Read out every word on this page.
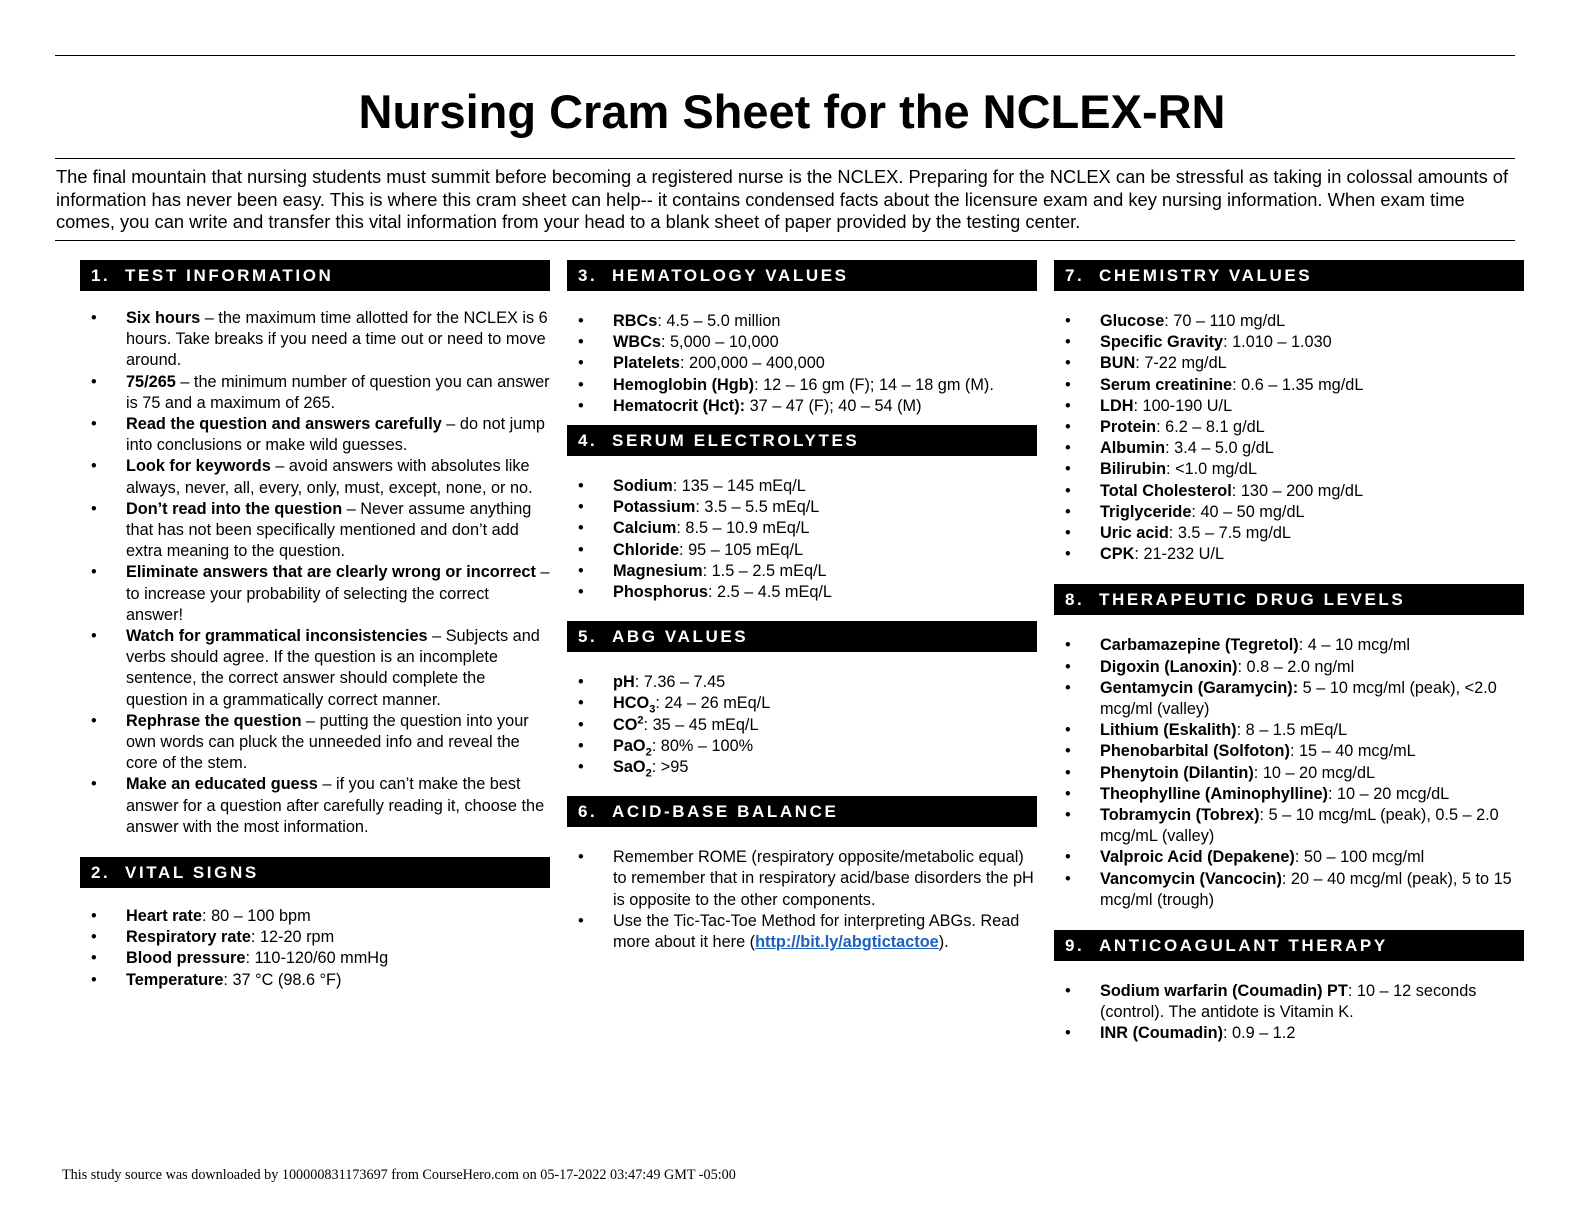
Nursing Cram Sheet for the NCLEX-RN

The final mountain that nursing students must summit before becoming a registered nurse is the NCLEX. Preparing for the NCLEX can be stressful as taking in colossal amounts of information has never been easy. This is where this cram sheet can help-- it contains condensed facts about the licensure exam and key nursing information. When exam time comes, you can write and transfer this vital information from your head to a blank sheet of paper provided by the testing center.

1. TEST INFORMATION
• Six hours – the maximum time allotted for the NCLEX is 6 hours. Take breaks if you need a time out or need to move around.
• 75/265 – the minimum number of question you can answer is 75 and a maximum of 265.
• Read the question and answers carefully – do not jump into conclusions or make wild guesses.
• Look for keywords – avoid answers with absolutes like always, never, all, every, only, must, except, none, or no.
• Don’t read into the question – Never assume anything that has not been specifically mentioned and don’t add extra meaning to the question.
• Eliminate answers that are clearly wrong or incorrect – to increase your probability of selecting the correct answer!
• Watch for grammatical inconsistencies – Subjects and verbs should agree. If the question is an incomplete sentence, the correct answer should complete the question in a grammatically correct manner.
• Rephrase the question – putting the question into your own words can pluck the unneeded info and reveal the core of the stem.
• Make an educated guess – if you can’t make the best answer for a question after carefully reading it, choose the answer with the most information.
2. VITAL SIGNS
• Heart rate: 80 – 100 bpm
• Respiratory rate: 12-20 rpm
• Blood pressure: 110-120/60 mmHg
• Temperature: 37 °C (98.6 °F)
3. HEMATOLOGY VALUES
• RBCs: 4.5 – 5.0 million
• WBCs: 5,000 – 10,000
• Platelets: 200,000 – 400,000
• Hemoglobin (Hgb): 12 – 16 gm (F); 14 – 18 gm (M).
• Hematocrit (Hct): 37 – 47 (F); 40 – 54 (M)
4. SERUM ELECTROLYTES
• Sodium: 135 – 145 mEq/L
• Potassium: 3.5 – 5.5 mEq/L
• Calcium: 8.5 – 10.9 mEq/L
• Chloride: 95 – 105 mEq/L
• Magnesium: 1.5 – 2.5 mEq/L
• Phosphorus: 2.5 – 4.5 mEq/L
5. ABG VALUES
• pH: 7.36 – 7.45
• $HCO_3$: 24 – 26 mEq/L
• $CO^2$: 35 – 45 mEq/L
• PaO$_2$: 80% – 100%
• SaO$_2$: >95
6. ACID-BASE BALANCE
• Remember ROME (respiratory opposite/metabolic equal) to remember that in respiratory acid/base disorders the pH is opposite to the other components.
• Use the Tic-Tac-Toe Method for interpreting ABGs. Read more about it here (http://bit.ly/abgtictactoe).
7. CHEMISTRY VALUES
• Glucose: 70 – 110 mg/dL
• Specific Gravity: 1.010 – 1.030
• BUN: 7-22 mg/dL
• Serum creatinine: 0.6 – 1.35 mg/dL
• LDH: 100-190 U/L
• Protein: 6.2 – 8.1 g/dL
• Albumin: 3.4 – 5.0 g/dL
• Bilirubin: <1.0 mg/dL
• Total Cholesterol: 130 – 200 mg/dL
• Triglyceride: 40 – 50 mg/dL
• Uric acid: 3.5 – 7.5 mg/dL
• CPK: 21-232 U/L
8. THERAPEUTIC DRUG LEVELS
• Carbamazepine (Tegretol): 4 – 10 mcg/ml
• Digoxin (Lanoxin): 0.8 – 2.0 ng/ml
• Gentamycin (Garamycin): 5 – 10 mcg/ml (peak), <2.0 mcg/ml (valley)
• Lithium (Eskalith): 8 – 1.5 mEq/L
• Phenobarbital (Solfoton): 15 – 40 mcg/mL
• Phenytoin (Dilantin): 10 – 20 mcg/dL
• Theophylline (Aminophylline): 10 – 20 mcg/dL
• Tobramycin (Tobrex): 5 – 10 mcg/mL (peak), 0.5 – 2.0 mcg/mL (valley)
• Valproic Acid (Depakene): 50 – 100 mcg/ml
• Vancomycin (Vancocin): 20 – 40 mcg/ml (peak), 5 to 15 mcg/ml (trough)
9. ANTICOAGULANT THERAPY
• Sodium warfarin (Coumadin) PT: 10 – 12 seconds (control). The antidote is Vitamin K.
• INR (Coumadin): 0.9 – 1.2

This study source was downloaded by 100000831173697 from CourseHero.com on 05-17-2022 03:47:49 GMT -05:00
